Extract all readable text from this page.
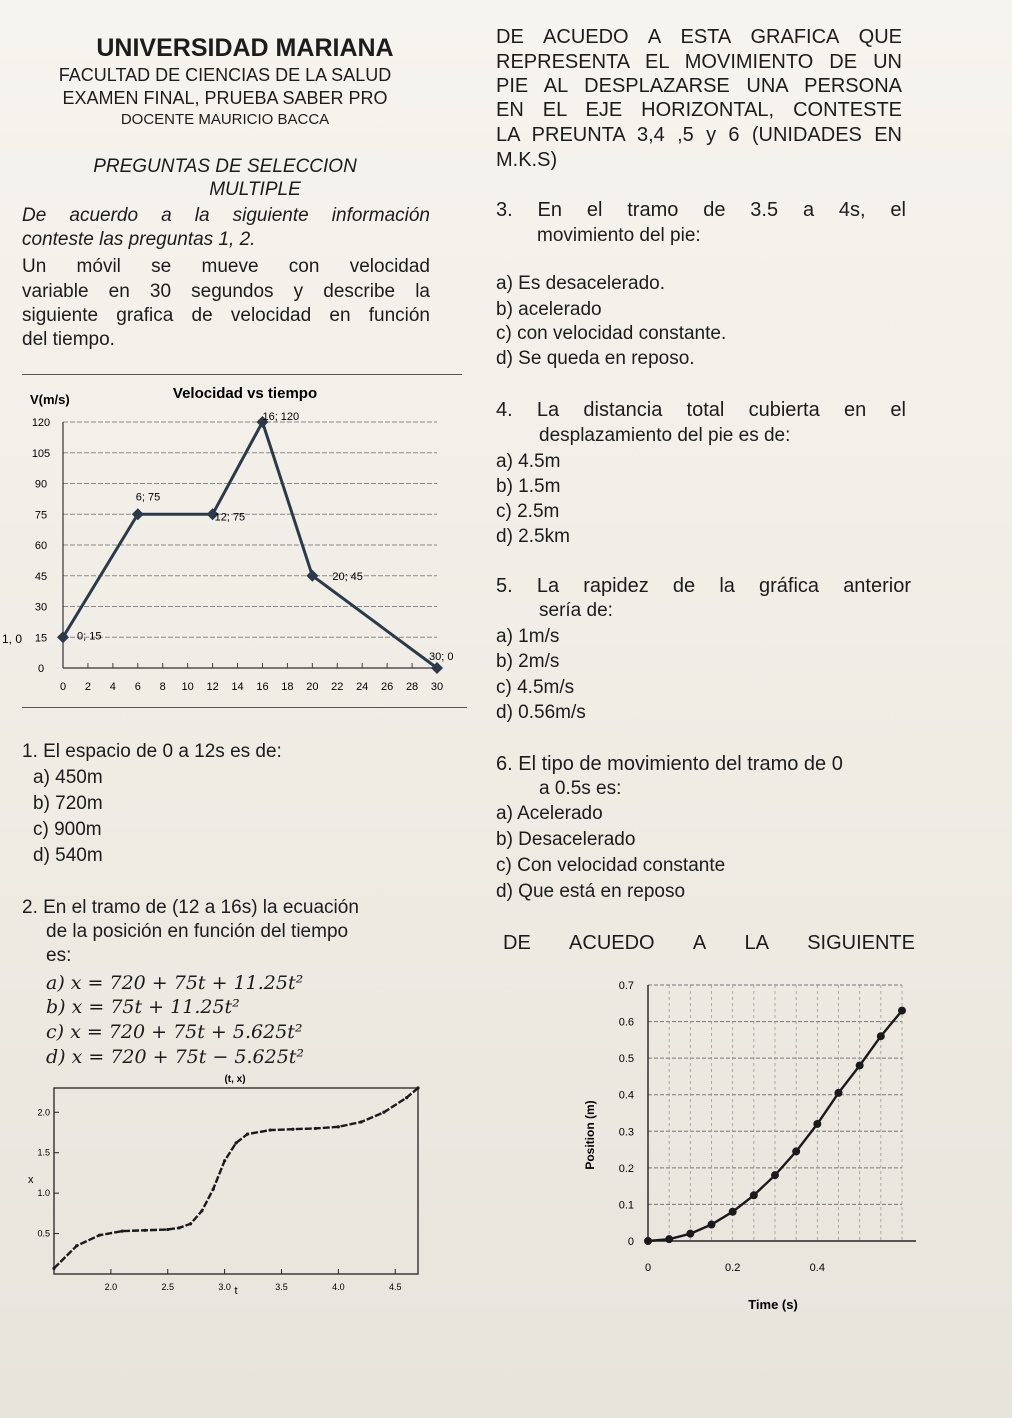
UNIVERSIDAD MARIANA
FACULTAD DE CIENCIAS DE LA SALUD
EXAMEN FINAL, PRUEBA SABER PRO
DOCENTE MAURICIO BACCA
PREGUNTAS DE SELECCION
MULTIPLE
De acuerdo a la siguiente información
conteste las preguntas 1, 2.
Un móvil se mueve con velocidad
variable en 30 segundos y describe la
siguiente grafica de velocidad en función
del tiempo.
V(m/s)	Velocidad vs tiempo
1, 0
0
15
30
45
60
75
90
105
120
0 2 4 6 8 10 12 14 16 18 20 22 24 26 28 30
0; 15
6; 75
12; 75
16; 120
20; 45
30; 0
1. El espacio de 0 a 12s es de:
a) 450m
b) 720m
c) 900m
d) 540m
2. En el tramo de (12 a 16s) la ecuación
de la posición en función del tiempo
es:
a) x = 720 + 75t + 11.25t²
b) x = 75t + 11.25t²
c) x = 720 + 75t + 5.625t²
d) x = 720 + 75t − 5.625t²
(t, x)
x
t
2.0	2.5	3.0	3.5	4.0	4.5
0.5
1.0
1.5
2.0
DE ACUEDO A ESTA GRAFICA QUE
REPRESENTA EL MOVIMIENTO DE UN
PIE AL DESPLAZARSE UNA PERSONA
EN EL EJE HORIZONTAL, CONTESTE
LA PREUNTA 3,4 ,5 y 6 (UNIDADES EN
M.K.S)
3. En el tramo de 3.5 a 4s, el
movimiento del pie:
a) Es desacelerado.
b) acelerado
c) con velocidad constante.
d) Se queda en reposo.
4. La distancia total cubierta en el
desplazamiento del pie es de:
a) 4.5m
b) 1.5m
c) 2.5m
d) 2.5km
5. La rapidez de la gráfica anterior
sería de:
a) 1m/s
b) 2m/s
c) 4.5m/s
d) 0.56m/s
6. El tipo de movimiento del tramo de 0
a 0.5s es:
a) Acelerado
b) Desacelerado
c) Con velocidad constante
d) Que está en reposo
DE ACUEDO A LA SIGUIENTE
Position (m)
Time (s)
0
0.1
0.2
0.3
0.4
0.5
0.6
0.7
0	0.2	0.4
